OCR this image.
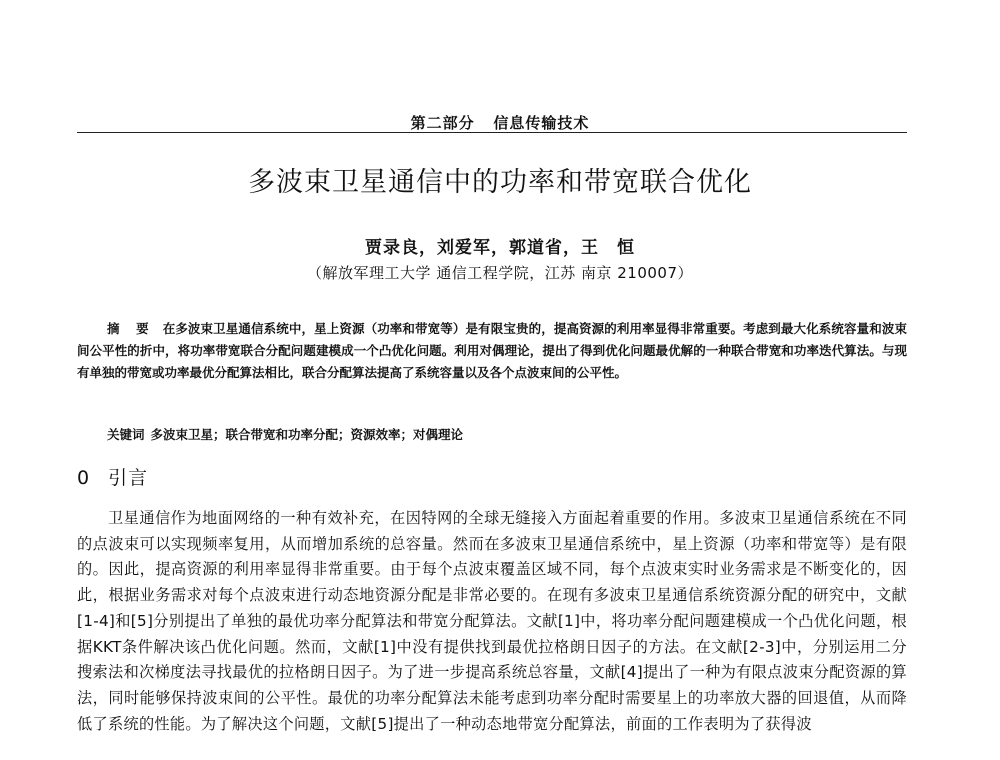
第二部分   信息传输技术
多波束卫星通信中的功率和带宽联合优化
贾录良，刘爱军，郭道省，王　恒
（解放军理工大学 通信工程学院，江苏 南京 210007）
摘 要 在多波束卫星通信系统中，星上资源（功率和带宽等）是有限宝贵的，提高资源的利用率显得非常重要。考虑到最大化系统容量和波束间公平性的折中，将功率带宽联合分配问题建模成一个凸优化问题。利用对偶理论，提出了得到优化问题最优解的一种联合带宽和功率迭代算法。与现有单独的带宽或功率最优分配算法相比，联合分配算法提高了系统容量以及各个点波束间的公平性。
关键词 多波束卫星；联合带宽和功率分配；资源效率；对偶理论
0 引言
卫星通信作为地面网络的一种有效补充，在因特网的全球无缝接入方面起着重要的作用。多波束卫星通信系统在不同的点波束可以实现频率复用，从而增加系统的总容量。然而在多波束卫星通信系统中，星上资源（功率和带宽等）是有限的。因此，提高资源的利用率显得非常重要。由于每个点波束覆盖区域不同，每个点波束实时业务需求是不断变化的，因此，根据业务需求对每个点波束进行动态地资源分配是非常必要的。在现有多波束卫星通信系统资源分配的研究中，文献[1-4]和[5]分别提出了单独的最优功率分配算法和带宽分配算法。文献[1]中，将功率分配问题建模成一个凸优化问题，根据KKT条件解决该凸优化问题。然而，文献[1]中没有提供找到最优拉格朗日因子的方法。在文献[2-3]中，分别运用二分搜索法和次梯度法寻找最优的拉格朗日因子。为了进一步提高系统总容量，文献[4]提出了一种为有限点波束分配资源的算法，同时能够保持波束间的公平性。最优的功率分配算法未能考虑到功率分配时需要星上的功率放大器的回退值，从而降低了系统的性能。为了解决这个问题，文献[5]提出了一种动态地带宽分配算法，前面的工作表明为了获得波
